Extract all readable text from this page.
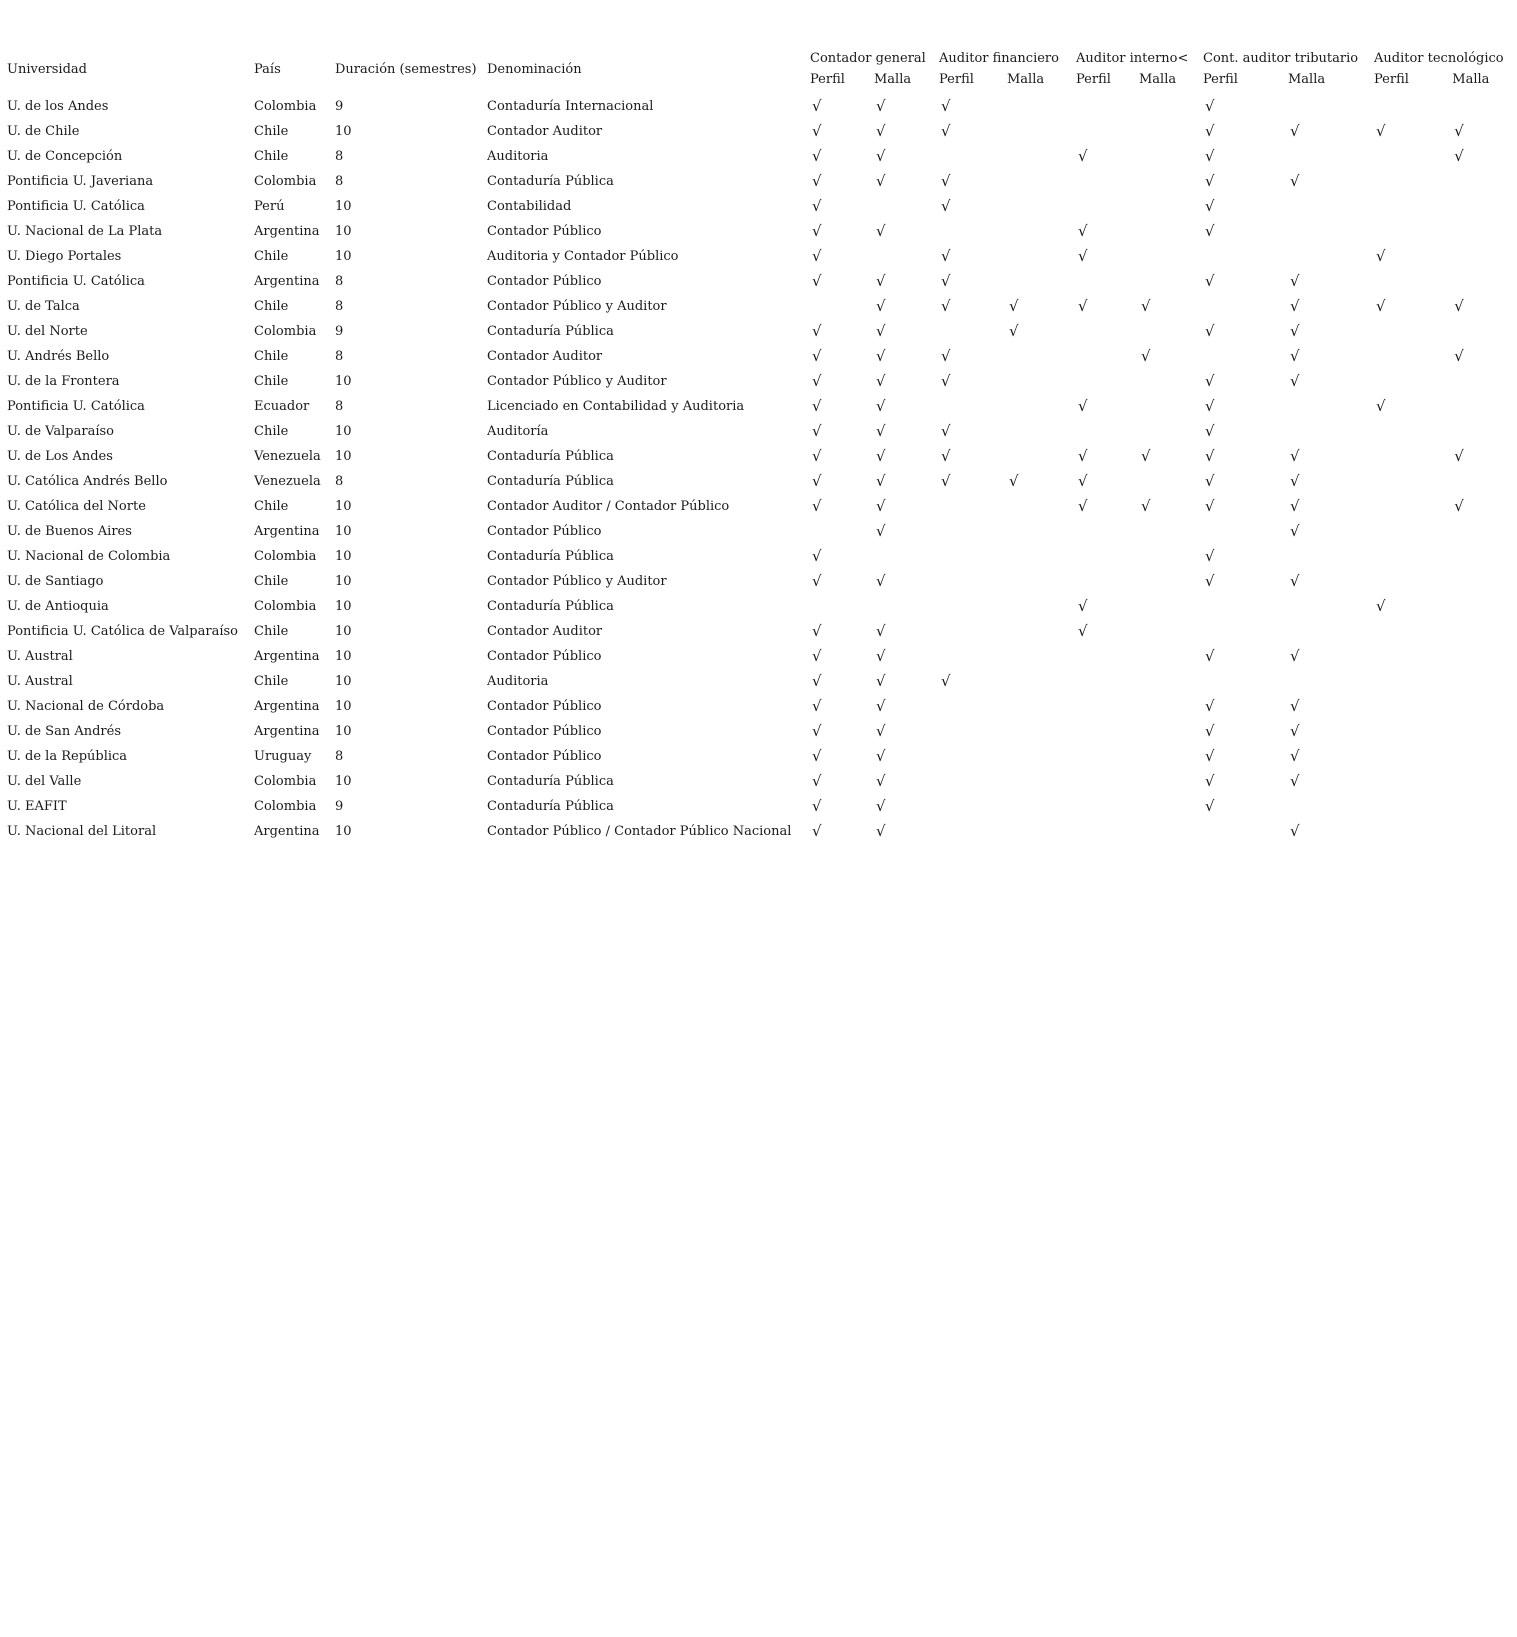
Universidad	País	Duración (semestres)	Denominación	Contador general		Auditor financiero		Auditor interno<		Cont. auditor tributario		Auditor tecnológico	
				Perfil	Malla	Perfil	Malla	Perfil	Malla	Perfil	Malla	Perfil	Malla
U. de los Andes	Colombia	9	Contaduría Internacional	√	√	√				√			
U. de Chile	Chile	10	Contador Auditor	√	√	√				√	√	√	√
U. de Concepción	Chile	8	Auditoria	√	√			√		√			√
Pontificia U. Javeriana	Colombia	8	Contaduría Pública	√	√	√				√	√		
Pontificia U. Católica	Perú	10	Contabilidad	√		√				√			
U. Nacional de La Plata	Argentina	10	Contador Público	√	√			√		√			
U. Diego Portales	Chile	10	Auditoria y Contador Público	√		√		√				√	
Pontificia U. Católica	Argentina	8	Contador Público	√	√	√				√	√		
U. de Talca	Chile	8	Contador Público y Auditor		√	√	√	√	√		√	√	√
U. del Norte	Colombia	9	Contaduría Pública	√	√		√			√	√		
U. Andrés Bello	Chile	8	Contador Auditor	√	√	√			√		√		√
U. de la Frontera	Chile	10	Contador Público y Auditor	√	√	√				√	√		
Pontificia U. Católica	Ecuador	8	Licenciado en Contabilidad y Auditoria	√	√			√		√		√	
U. de Valparaíso	Chile	10	Auditoría	√	√	√				√			
U. de Los Andes	Venezuela	10	Contaduría Pública	√	√	√		√	√	√	√		√
U. Católica Andrés Bello	Venezuela	8	Contaduría Pública	√	√	√	√	√		√	√		
U. Católica del Norte	Chile	10	Contador Auditor / Contador Público	√	√			√	√	√	√		√
U. de Buenos Aires	Argentina	10	Contador Público		√						√		
U. Nacional de Colombia	Colombia	10	Contaduría Pública	√						√			
U. de Santiago	Chile	10	Contador Público y Auditor	√	√					√	√		
U. de Antioquia	Colombia	10	Contaduría Pública					√				√	
Pontificia U. Católica de Valparaíso	Chile	10	Contador Auditor	√	√			√					
U. Austral	Argentina	10	Contador Público	√	√					√	√		
U. Austral	Chile	10	Auditoria	√	√	√							
U. Nacional de Córdoba	Argentina	10	Contador Público	√	√					√	√		
U. de San Andrés	Argentina	10	Contador Público	√	√					√	√		
U. de la República	Uruguay	8	Contador Público	√	√					√	√		
U. del Valle	Colombia	10	Contaduría Pública	√	√					√	√		
U. EAFIT	Colombia	9	Contaduría Pública	√	√					√			
U. Nacional del Litoral	Argentina	10	Contador Público / Contador Público Nacional	√	√						√		
